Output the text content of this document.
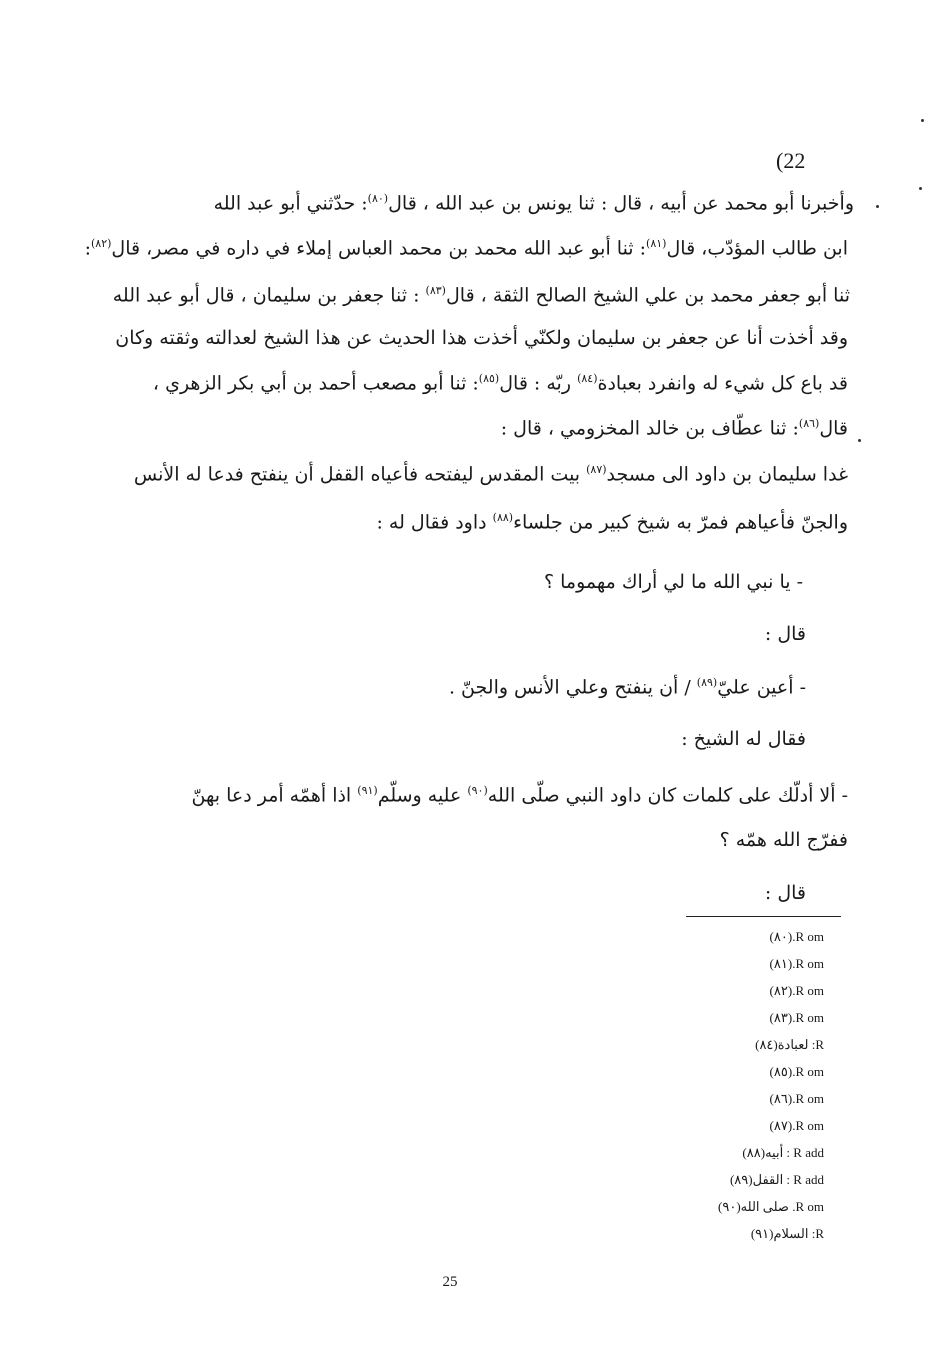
(22
وأخبرنا أبو محمد عن أبيه ، قال : ثنا يونس بن عبد الله ، قال$^{(٨٠)}$: حدّثني أبو عبد الله
ابن طالب المؤدّب، قال$^{(٨١)}$: ثنا أبو عبد الله محمد بن محمد العباس إملاء في داره في مصر، قال$^{(٨٢)}$:
ثنا أبو جعفر محمد بن علي الشيخ الصالح الثقة ، قال$^{(٨٣)}$ : ثنا جعفر بن سليمان ، قال أبو عبد الله
وقد أخذت أنا عن جعفر بن سليمان ولكنّي أخذت هذا الحديث عن هذا الشيخ لعدالته وثقته وكان
قد باع كل شيء له وانفرد بعبادة$^{(٨٤)}$ ربّه : قال$^{(٨٥)}$: ثنا أبو مصعب أحمد بن أبي بكر الزهري ،
قال$^{(٨٦)}$: ثنا عطّاف بن خالد المخزومي ، قال :
غدا سليمان بن داود الى مسجد$^{(٨٧)}$ بيت المقدس ليفتحه فأعياه القفل أن ينفتح فدعا له الأنس
والجنّ فأعياهم فمرّ به شيخ كبير من جلساء$^{(٨٨)}$ داود فقال له :
- يا نبي الله ما لي أراك مهموما ؟
قال :
- أعين عليّ$^{(٨٩)}$ / أن ينفتح وعلي الأنس والجنّ .
فقال له الشيخ :
- ألا أدلّك على كلمات كان داود النبي صلّى الله$^{(٩٠)}$ عليه وسلّم$^{(٩١)}$ اذا أهمّه أمر دعا بهنّ
ففرّج الله همّه ؟
قال :
R om.(٨٠)
R om.(٨١)
R om.(٨٢)
R om.(٨٣)
R: لعبادة(٨٤)
R om.(٨٥)
R om.(٨٦)
R om.(٨٧)
R add : أبيه(٨٨)
R add : القفل(٨٩)
R om. صلى الله(٩٠)
R: السلام(٩١)
25
